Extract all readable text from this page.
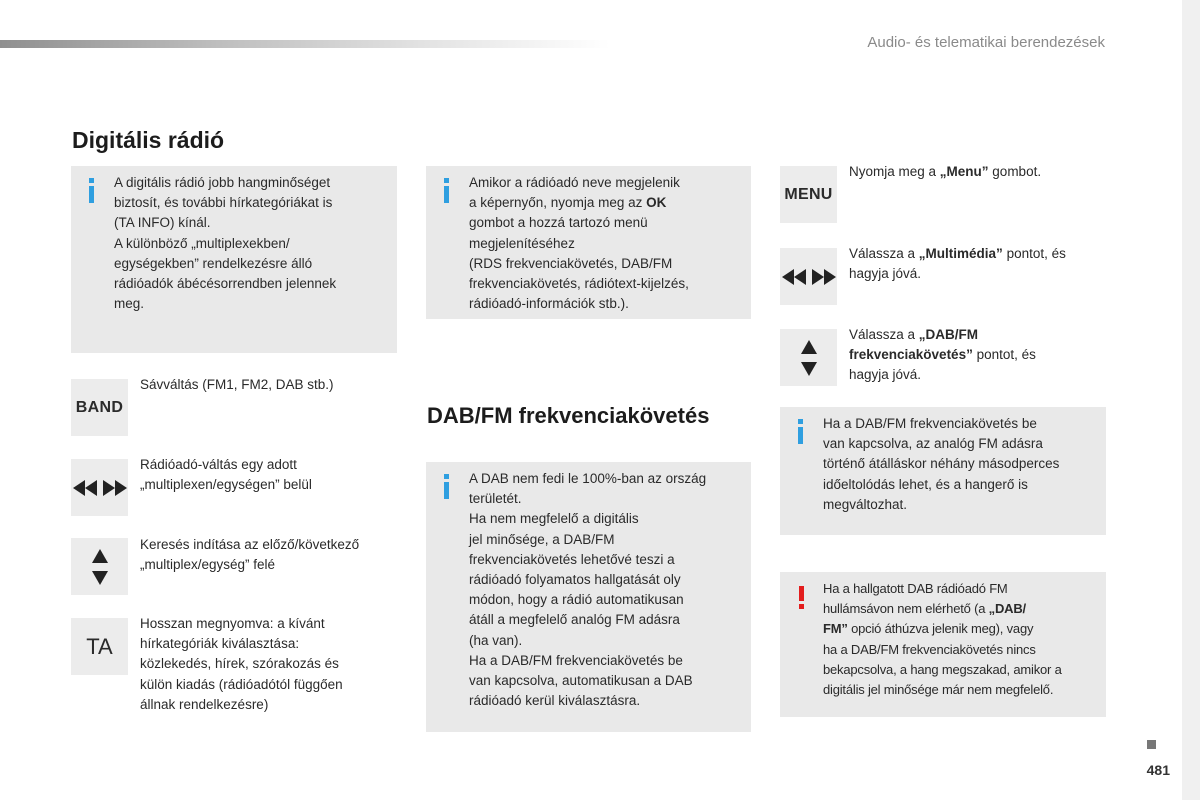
Audio- és telematikai berendezések
Digitális rádió
A digitális rádió jobb hangminőséget
biztosít, és további hírkategóriákat is
(TA INFO) kínál.
A különböző „multiplexekben/
egységekben” rendelkezésre álló
rádióadók ábécésorrendben jelennek
meg.
BAND
Sávváltás (FM1, FM2, DAB stb.)
Rádióadó-váltás egy adott
„multiplexen/egységen” belül
Keresés indítása az előző/következő
„multiplex/egység” felé
TA
Hosszan megnyomva: a kívánt
hírkategóriák kiválasztása:
közlekedés, hírek, szórakozás és
külön kiadás (rádióadótól függően
állnak rendelkezésre)
Amikor a rádióadó neve megjelenik
a képernyőn, nyomja meg az OK
gombot a hozzá tartozó menü
megjelenítéséhez
(RDS frekvenciakövetés, DAB/FM
frekvenciakövetés, rádiótext-kijelzés,
rádióadó-információk stb.).
DAB/FM frekvenciakövetés
A DAB nem fedi le 100%-ban az ország
területét.
Ha nem megfelelő a digitális
jel minősége, a DAB/FM
frekvenciakövetés lehetővé teszi a
rádióadó folyamatos hallgatását oly
módon, hogy a rádió automatikusan
átáll a megfelelő analóg FM adásra
(ha van).
Ha a DAB/FM frekvenciakövetés be
van kapcsolva, automatikusan a DAB
rádióadó kerül kiválasztásra.
MENU
Nyomja meg a „Menu” gombot.
Válassza a „Multimédia” pontot, és
hagyja jóvá.
Válassza a „DAB/FM
frekvenciakövetés” pontot, és
hagyja jóvá.
Ha a DAB/FM frekvenciakövetés be
van kapcsolva, az analóg FM adásra
történő átálláskor néhány másodperces
időeltolódás lehet, és a hangerő is
megváltozhat.
Ha a hallgatott DAB rádióadó FM
hullámsávon nem elérhető (a „DAB/
FM” opció áthúzva jelenik meg), vagy
ha a DAB/FM frekvenciakövetés nincs
bekapcsolva, a hang megszakad, amikor a
digitális jel minősége már nem megfelelő.
481
